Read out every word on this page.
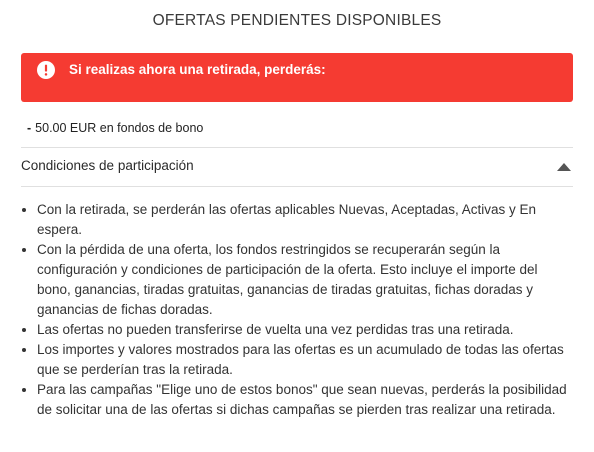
OFERTAS PENDIENTES DISPONIBLES
Si realizas ahora una retirada, perderás:
- 50.00 EUR en fondos de bono
Condiciones de participación
• Con la retirada, se perderán las ofertas aplicables Nuevas, Aceptadas, Activas y En espera.
• Con la pérdida de una oferta, los fondos restringidos se recuperarán según la configuración y condiciones de participación de la oferta. Esto incluye el importe del bono, ganancias, tiradas gratuitas, ganancias de tiradas gratuitas, fichas doradas y ganancias de fichas doradas.
• Las ofertas no pueden transferirse de vuelta una vez perdidas tras una retirada.
• Los importes y valores mostrados para las ofertas es un acumulado de todas las ofertas que se perderían tras la retirada.
• Para las campañas "Elige uno de estos bonos" que sean nuevas, perderás la posibilidad de solicitar una de las ofertas si dichas campañas se pierden tras realizar una retirada.
